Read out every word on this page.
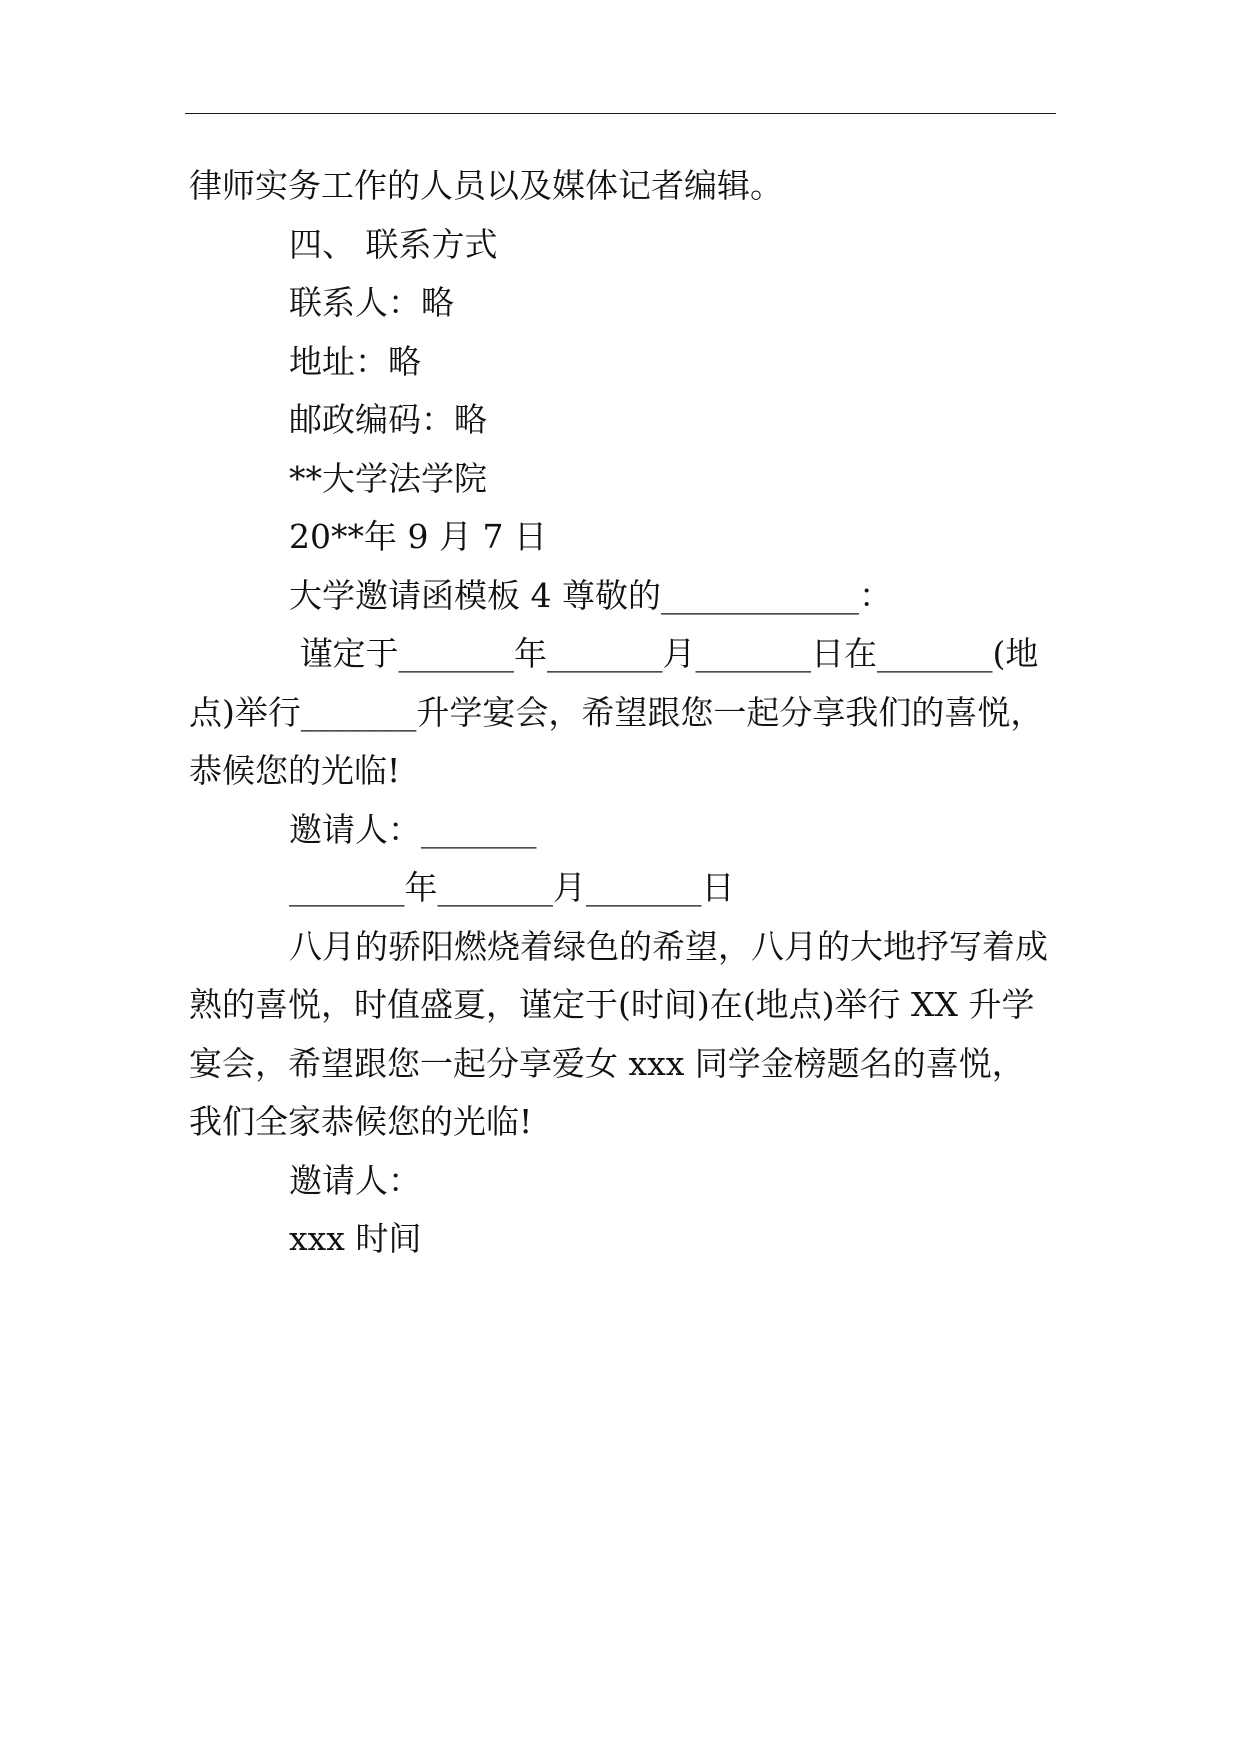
律师实务工作的人员以及媒体记者编辑。

四、 联系方式

联系人：略

地址：略

邮政编码：略

**大学法学院

20**年 9 月 7 日

大学邀请函模板 4 尊敬的____________：

谨定于_______年_______月_______日在_______(地点)举行_______升学宴会，希望跟您一起分享我们的喜悦，恭候您的光临!

邀请人：_______

_______年_______月_______日

八月的骄阳燃烧着绿色的希望，八月的大地抒写着成熟的喜悦，时值盛夏，谨定于(时间)在(地点)举行 XX 升学宴会，希望跟您一起分享爱女 xxx 同学金榜题名的喜悦，我们全家恭候您的光临!

邀请人：

xxx 时间
